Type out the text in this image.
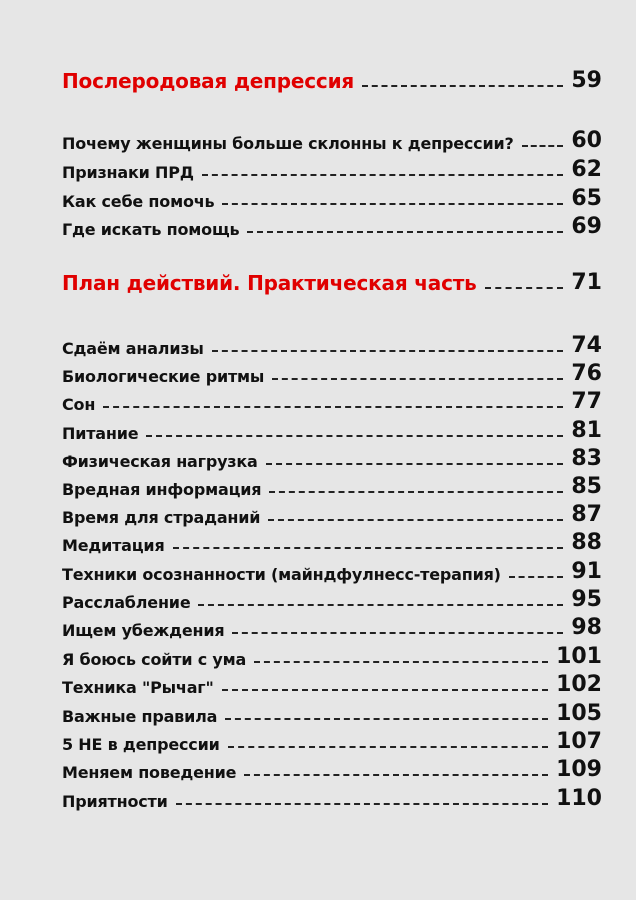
Послеродовая депрессия	59
Почему женщины больше склонны к депрессии?	60
Признаки ПРД	62
Как себе помочь	65
Где искать помощь	69
План действий. Практическая часть	71
Сдаём анализы	74
Биологические ритмы	76
Сон	77
Питание	81
Физическая нагрузка	83
Вредная информация	85
Время для страданий	87
Медитация	88
Техники осознанности (майндфулнесс-терапия)	91
Расслабление	95
Ищем убеждения	98
Я боюсь сойти с ума	101
Техника "Рычаг"	102
Важные правила	105
5 НЕ в депрессии	107
Меняем поведение	109
Приятности	110
